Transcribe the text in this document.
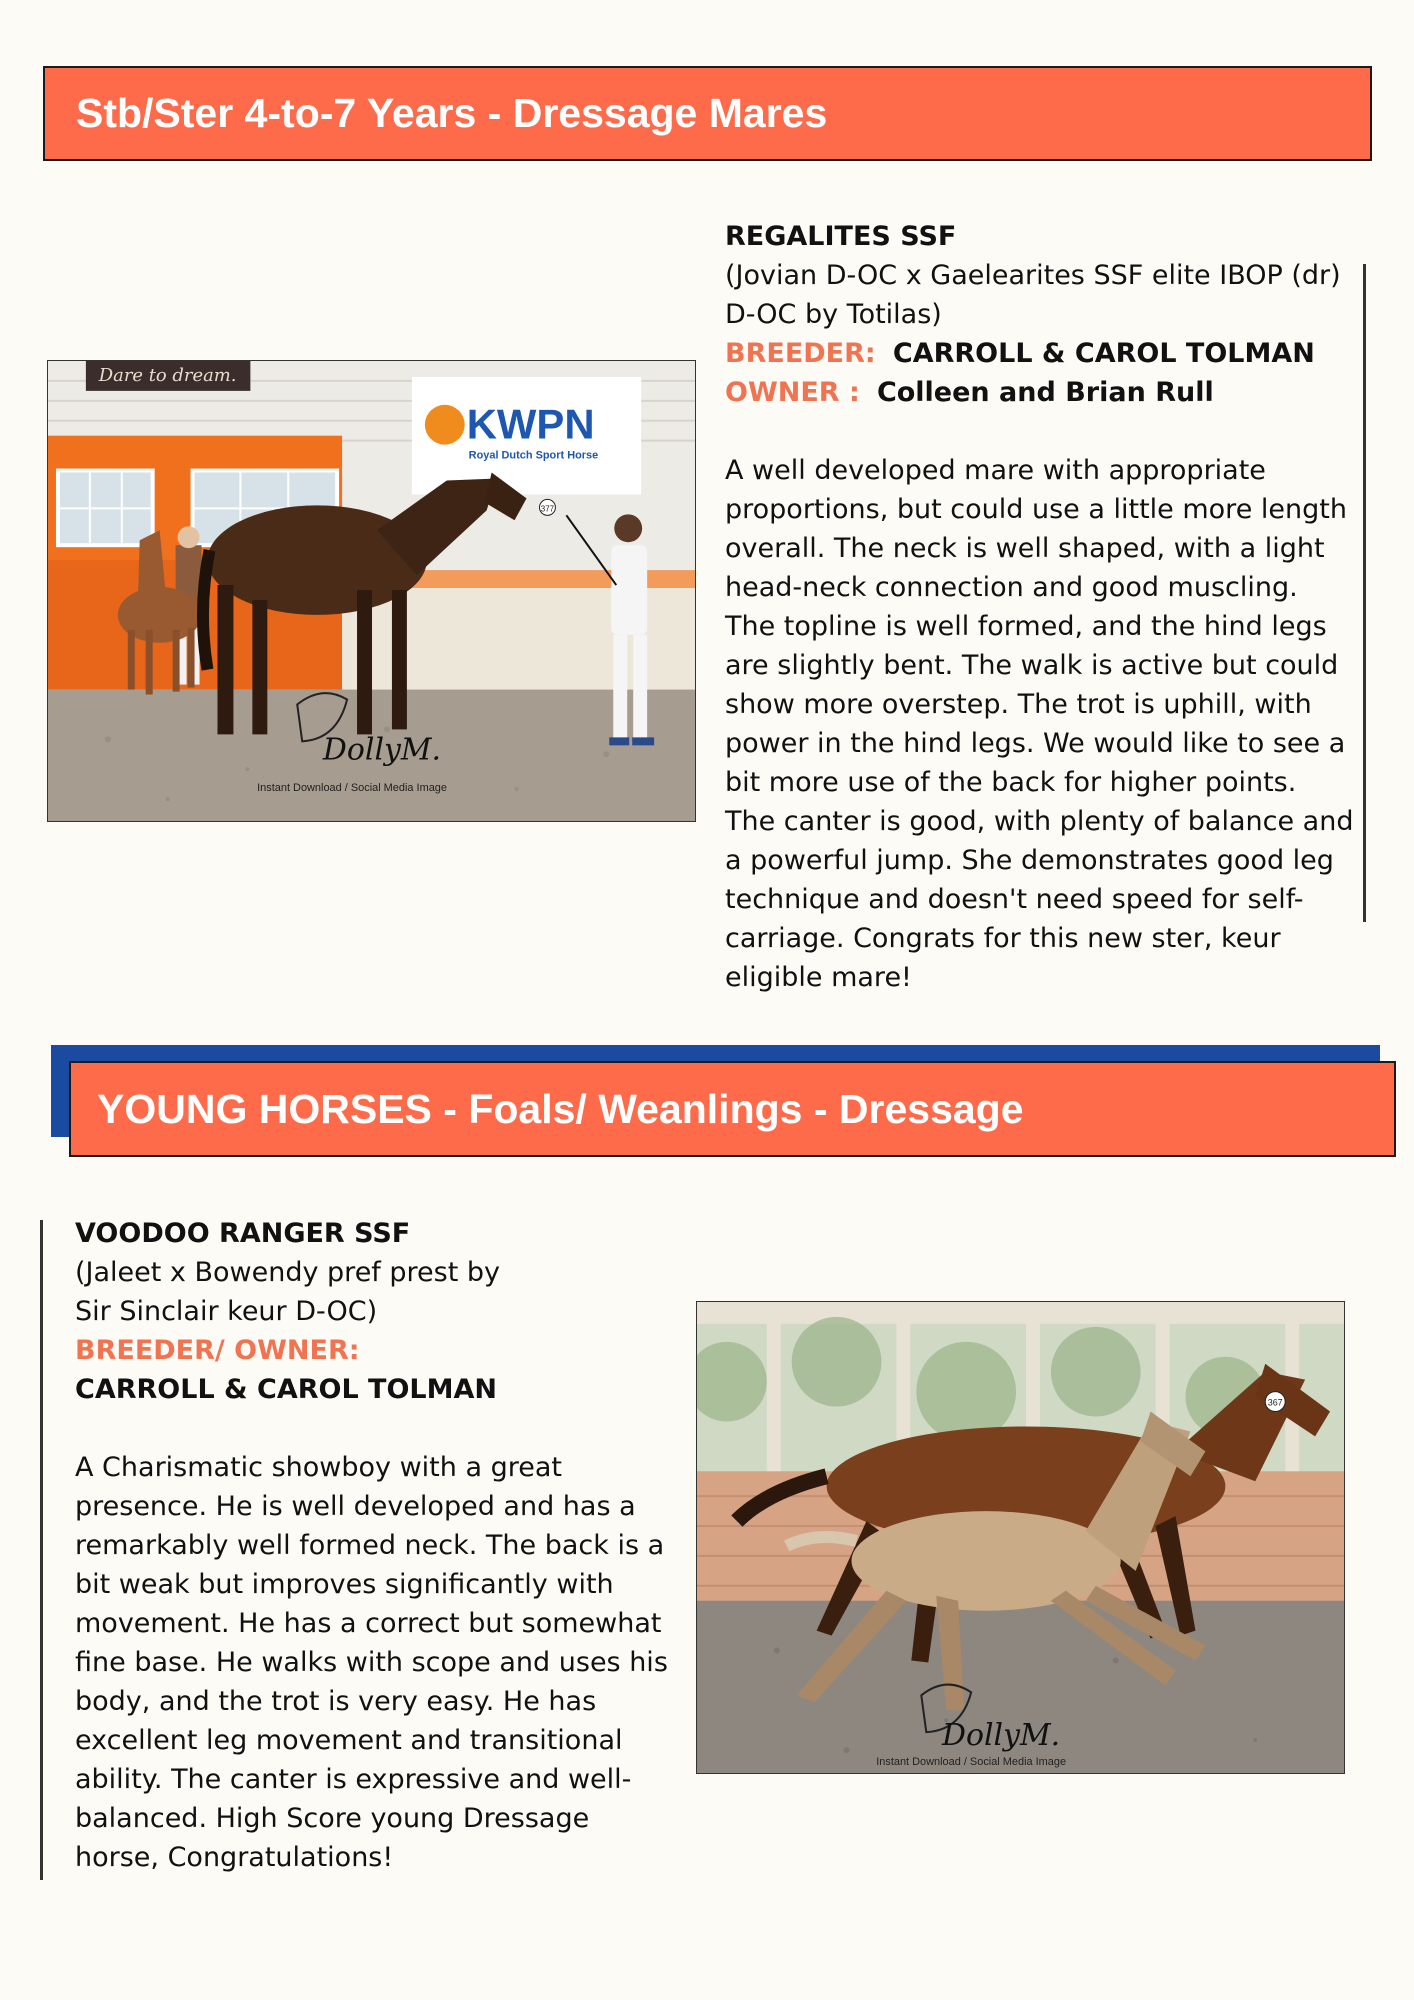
Stb/Ster 4-to-7 Years - Dressage Mares
REGALITES SSF
(Jovian D-OC x Gaelearites SSF elite IBOP (dr) D-OC by Totilas)
BREEDER: CARROLL & CAROL TOLMAN
OWNER : Colleen and Brian Rull
A well developed mare with appropriate proportions, but could use a little more length overall. The neck is well shaped, with a light head-neck connection and good muscling. The topline is well formed, and the hind legs are slightly bent. The walk is active but could show more overstep. The trot is uphill, with power in the hind legs. We would like to see a bit more use of the back for higher points. The canter is good, with plenty of balance and a powerful jump. She demonstrates good leg technique and doesn't need speed for self-carriage. Congrats for this new ster, keur eligible mare!
Dare to dream.
KWPN
Royal Dutch Sport Horse
377
DollyM.
Instant Download / Social Media Image
YOUNG HORSES - Foals/ Weanlings - Dressage
VOODOO RANGER SSF
(Jaleet x Bowendy pref prest by
Sir Sinclair keur D-OC)
BREEDER/ OWNER:
CARROLL & CAROL TOLMAN
A Charismatic showboy with a great presence. He is well developed and has a remarkably well formed neck. The back is a bit weak but improves significantly with movement. He has a correct but somewhat fine base. He walks with scope and uses his body, and the trot is very easy. He has excellent leg movement and transitional ability. The canter is expressive and well-balanced. High Score young Dressage horse, Congratulations!
367
DollyM.
Instant Download / Social Media Image
